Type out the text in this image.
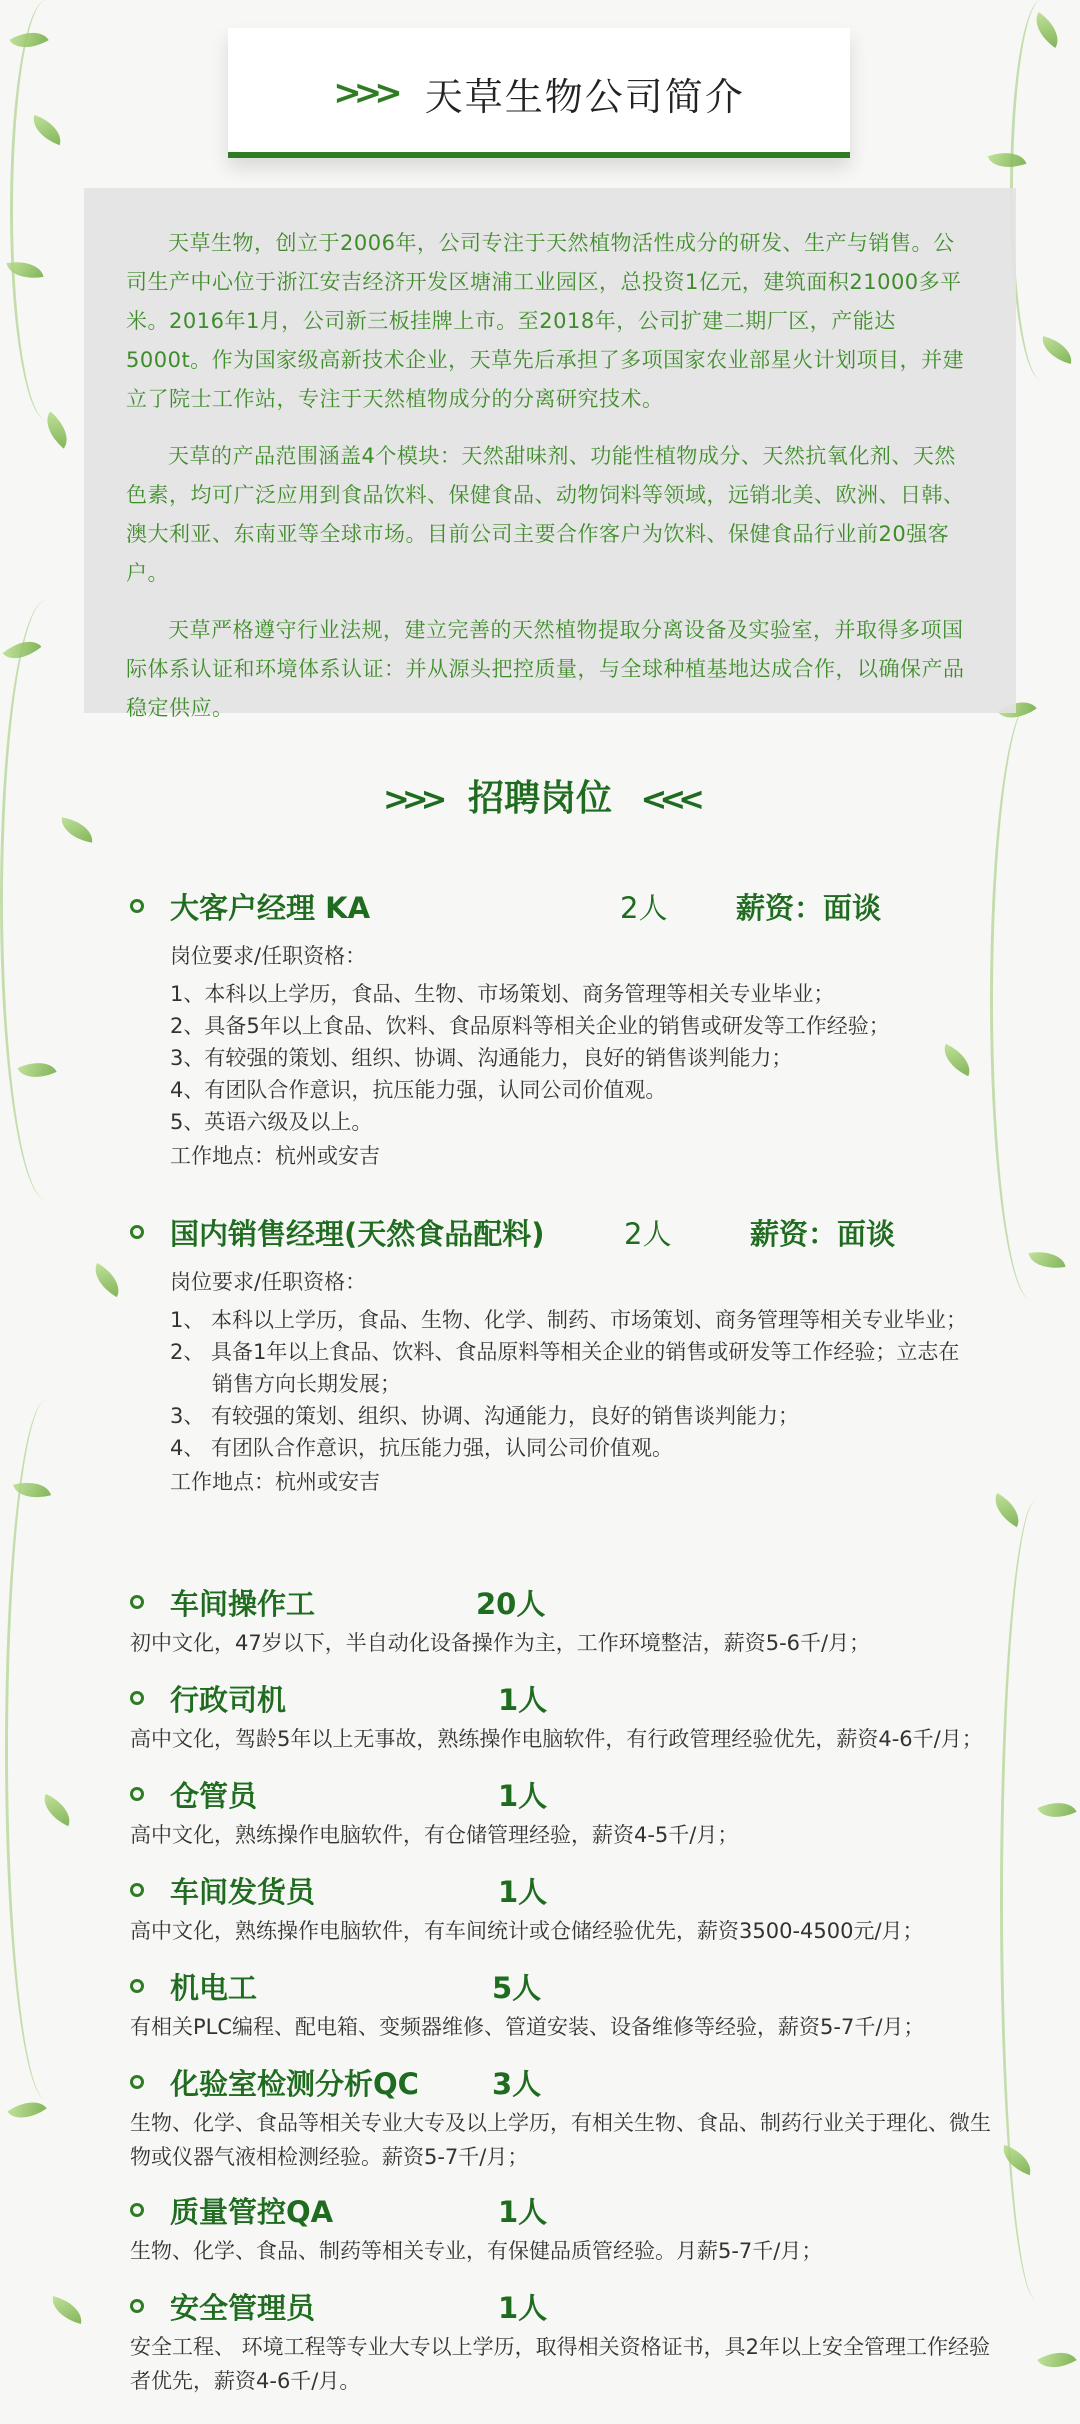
>>> 天草生物公司简介

天草生物，创立于2006年，公司专注于天然植物活性成分的研发、生产与销售。公司生产中心位于浙江安吉经济开发区塘浦工业园区，总投资1亿元，建筑面积21000多平米。2016年1月，公司新三板挂牌上市。至2018年，公司扩建二期厂区，产能达5000t。作为国家级高新技术企业，天草先后承担了多项国家农业部星火计划项目，并建立了院士工作站，专注于天然植物成分的分离研究技术。

天草的产品范围涵盖4个模块：天然甜味剂、功能性植物成分、天然抗氧化剂、天然色素，均可广泛应用到食品饮料、保健食品、动物饲料等领域，远销北美、欧洲、日韩、澳大利亚、东南亚等全球市场。目前公司主要合作客户为饮料、保健食品行业前20强客户。

天草严格遵守行业法规，建立完善的天然植物提取分离设备及实验室，并取得多项国际体系认证和环境体系认证：并从源头把控质量，与全球种植基地达成合作，以确保产品稳定供应。

>>> 招聘岗位 <<<
大客户经理 KA	2人 薪资：面谈
岗位要求/任职资格：
1、本科以上学历，食品、生物、市场策划、商务管理等相关专业毕业；
2、具备5年以上食品、饮料、食品原料等相关企业的销售或研发等工作经验；
3、有较强的策划、组织、协调、沟通能力，良好的销售谈判能力；
4、有团队合作意识，抗压能力强，认同公司价值观。
5、英语六级及以上。
工作地点：杭州或安吉
国内销售经理(天然食品配料)	2人	薪资：面谈
岗位要求/任职资格：
1、 本科以上学历，食品、生物、化学、制药、市场策划、商务管理等相关专业毕业；
2、 具备1年以上食品、饮料、食品原料等相关企业的销售或研发等工作经验；立志在
销售方向长期发展；
3、 有较强的策划、组织、协调、沟通能力，良好的销售谈判能力；
4、 有团队合作意识，抗压能力强，认同公司价值观。
工作地点：杭州或安吉
车间操作工	20人
初中文化，47岁以下，半自动化设备操作为主，工作环境整洁，薪资5-6千/月；
行政司机	1人
高中文化，驾龄5年以上无事故，熟练操作电脑软件，有行政管理经验优先，薪资4-6千/月；
仓管员	1人
高中文化，熟练操作电脑软件，有仓储管理经验，薪资4-5千/月；
车间发货员	1人
高中文化，熟练操作电脑软件，有车间统计或仓储经验优先，薪资3500-4500元/月；
机电工	5人
有相关PLC编程、配电箱、变频器维修、管道安装、设备维修等经验，薪资5-7千/月；
化验室检测分析QC	3人
生物、化学、食品等相关专业大专及以上学历，有相关生物、食品、制药行业关于理化、微生物或仪器气液相检测经验。薪资5-7千/月；
质量管控QA	1人
生物、化学、食品、制药等相关专业，有保健品质管经验。月薪5-7千/月；
安全管理员	1人
安全工程、 环境工程等专业大专以上学历，取得相关资格证书，具2年以上安全管理工作经验者优先，薪资4-6千/月。
